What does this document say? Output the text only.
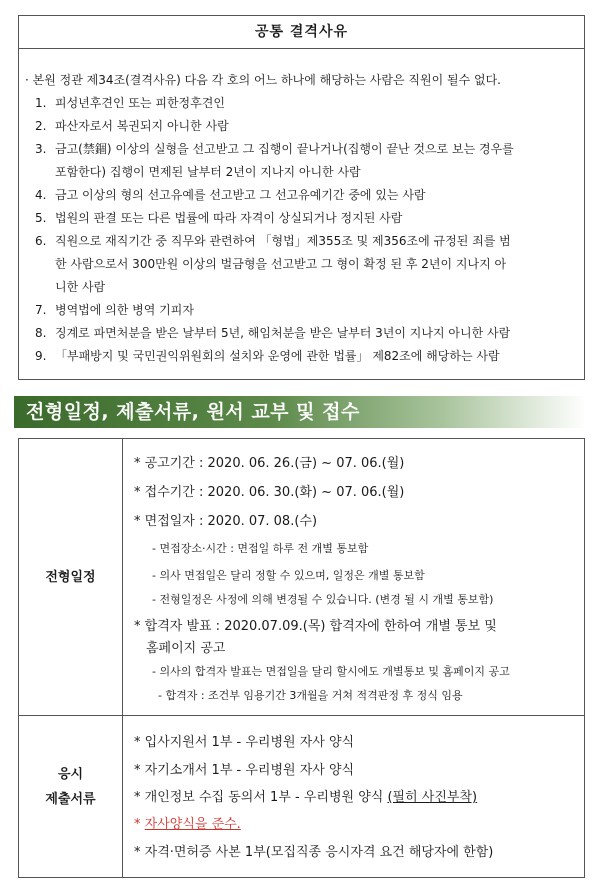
공통 결격사유
· 본원 정관 제34조(결격사유) 다음 각 호의 어느 하나에 해당하는 사람은 직원이 될수 없다.
1. 피성년후견인 또는 피한정후견인
2. 파산자로서 복권되지 아니한 사람
3. 금고(禁錮) 이상의 실형을 선고받고 그 집행이 끝나거나(집행이 끝난 것으로 보는 경우를
포함한다) 집행이 면제된 날부터 2년이 지나지 아니한 사람
4. 금고 이상의 형의 선고유예를 선고받고 그 선고유예기간 중에 있는 사람
5. 법원의 판결 또는 다른 법률에 따라 자격이 상실되거나 정지된 사람
6. 직원으로 재직기간 중 직무와 관련하여 「형법」제355조 및 제356조에 규정된 죄를 범
한 사람으로서 300만원 이상의 벌금형을 선고받고 그 형이 확정 된 후 2년이 지나지 아
니한 사람
7. 병역법에 의한 병역 기피자
8. 징계로 파면처분을 받은 날부터 5년, 해임처분을 받은 날부터 3년이 지나지 아니한 사람
9. 「부패방지 및 국민권익위원회의 설치와 운영에 관한 법률」 제82조에 해당하는 사람
전형일정, 제출서류, 원서 교부 및 접수
전형일정
* 공고기간 : 2020. 06. 26.(금) ~ 07. 06.(월)
* 접수기간 : 2020. 06. 30.(화) ~ 07. 06.(월)
* 면접일자 : 2020. 07. 08.(수)
- 면접장소·시간 : 면접일 하루 전 개별 통보함
- 의사 면접일은 달리 정할 수 있으며, 일정은 개별 통보함
- 전형일정은 사정에 의해 변경될 수 있습니다. (변경 될 시 개별 통보함)
* 합격자 발표 : 2020.07.09.(목) 합격자에 한하여 개별 통보 및
홈페이지 공고
- 의사의 합격자 발표는 면접일을 달리 할시에도 개별통보 및 홈페이지 공고
- 합격자 : 조건부 임용기간 3개월을 거쳐 적격판정 후 정식 임용
응시
제출서류
* 입사지원서 1부 - 우리병원 자사 양식
* 자기소개서 1부 - 우리병원 자사 양식
* 개인정보 수집 동의서 1부 - 우리병원 양식 (필히 사진부착)
* 자사양식을 준수.
* 자격·면허증 사본 1부(모집직종 응시자격 요건 해당자에 한함)
